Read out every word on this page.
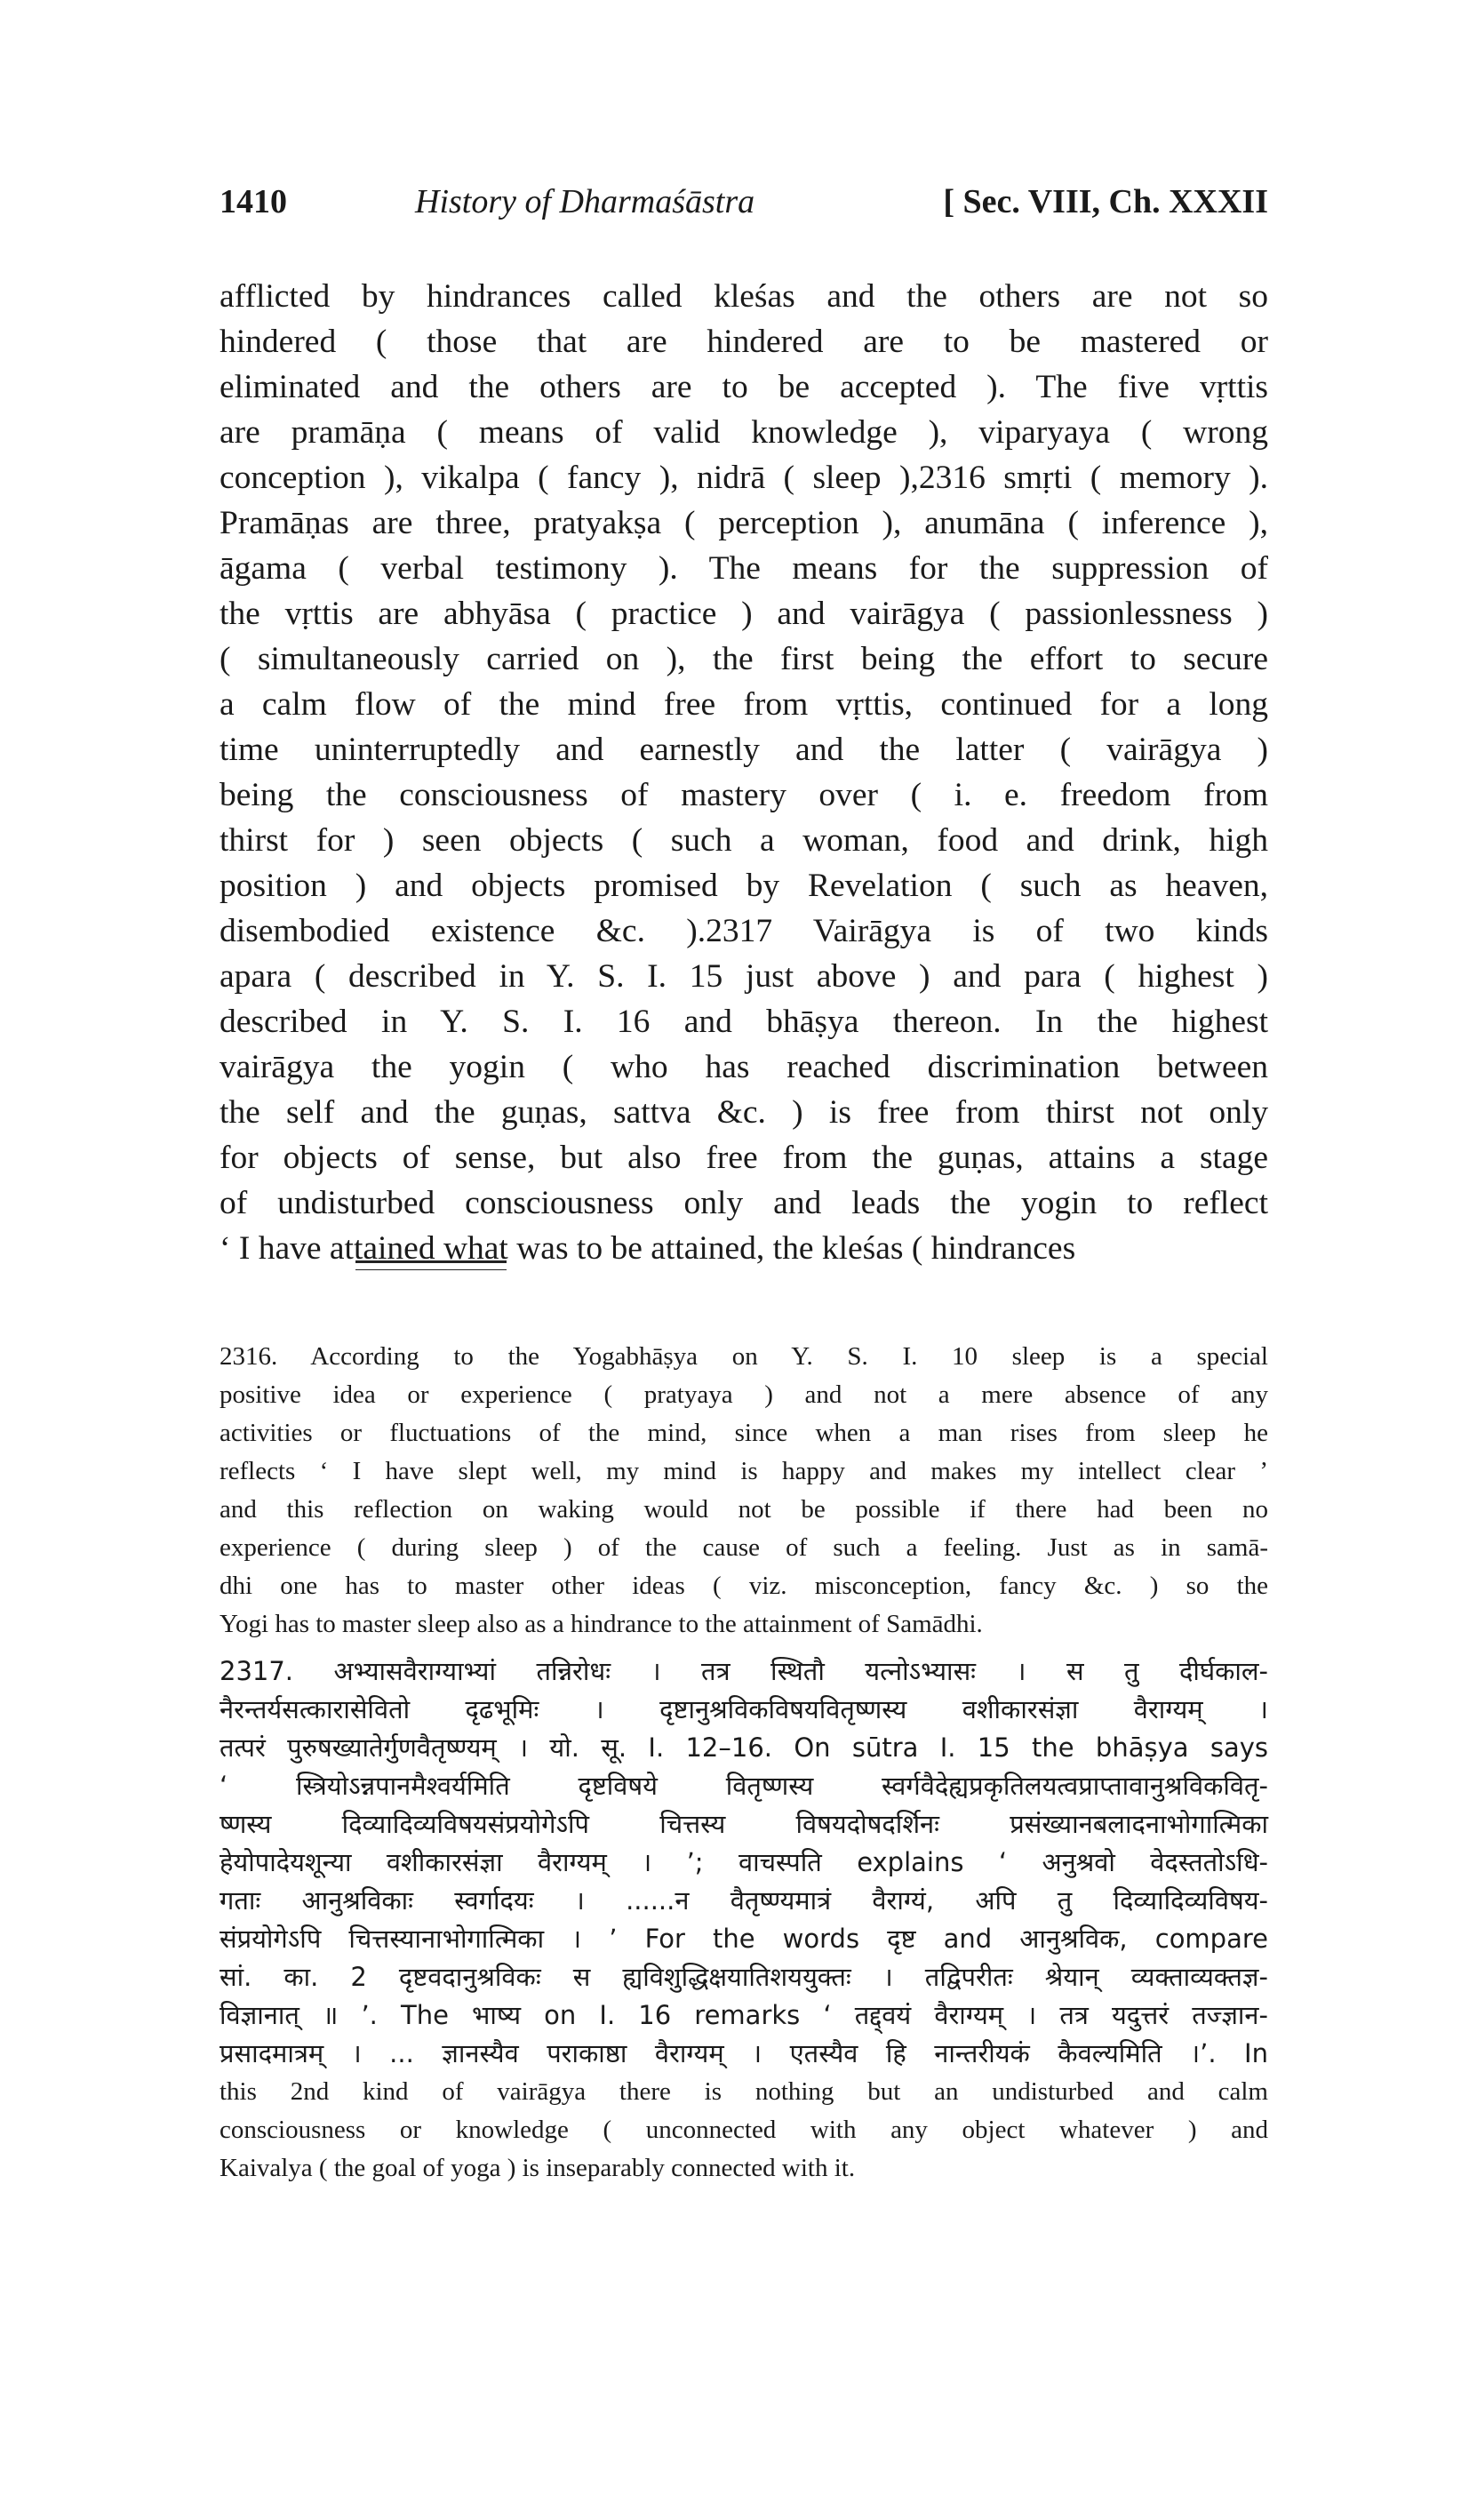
1410	History of Dharmaśāstra	[ Sec. VIII, Ch. XXXII
afflicted by hindrances called kleśas and the others are not so
hindered ( those that are hindered are to be mastered or
eliminated and the others are to be accepted ). The five vṛttis
are pramāṇa ( means of valid knowledge ), viparyaya ( wrong
conception ), vikalpa ( fancy ), nidrā ( sleep ),2316 smṛti ( memory ).
Pramāṇas are three, pratyakṣa ( perception ), anumāna ( inference ),
āgama ( verbal testimony ). The means for the suppression of
the vṛttis are abhyāsa ( practice ) and vairāgya ( passionlessness )
( simultaneously carried on ), the first being the effort to secure
a calm flow of the mind free from vṛttis, continued for a long
time uninterruptedly and earnestly and the latter ( vairāgya )
being the consciousness of mastery over ( i. e. freedom from
thirst for ) seen objects ( such a woman, food and drink, high
position ) and objects promised by Revelation ( such as heaven,
disembodied existence &c. ).2317 Vairāgya is of two kinds
apara ( described in Y. S. I. 15 just above ) and para ( highest )
described in Y. S. I. 16 and bhāṣya thereon. In the highest
vairāgya the yogin ( who has reached discrimination between
the self and the guṇas, sattva &c. ) is free from thirst not only
for objects of sense, but also free from the guṇas, attains a stage
of undisturbed consciousness only and leads the yogin to reflect
‘ I have attained what was to be attained, the kleśas ( hindrances
2316. According to the Yogabhāṣya on Y. S. I. 10 sleep is a special
positive idea or experience ( pratyaya ) and not a mere absence of any
activities or fluctuations of the mind, since when a man rises from sleep he
reflects ‘ I have slept well, my mind is happy and makes my intellect clear ’
and this reflection on waking would not be possible if there had been no
experience ( during sleep ) of the cause of such a feeling. Just as in samā-
dhi one has to master other ideas ( viz. misconception, fancy &c. ) so the
Yogi has to master sleep also as a hindrance to the attainment of Samādhi.
2317. अभ्यासवैराग्याभ्यां तन्निरोधः । तत्र स्थितौ यत्नोऽभ्यासः । स तु दीर्घकाल-
नैरन्तर्यसत्कारासेवितो दृढभूमिः । दृष्टानुश्रविकविषयवितृष्णस्य वशीकारसंज्ञा वैराग्यम् ।
तत्परं पुरुषख्यातेर्गुणवैतृष्ण्यम् । यो. सू. I. 12–16. On sūtra I. 15 the bhāṣya says
‘ स्त्रियोऽन्नपानमैश्वर्यमिति दृष्टविषये वितृष्णस्य स्वर्गवैदेह्यप्रकृतिलयत्वप्राप्तावानुश्रविकवितृ-
ष्णस्य दिव्यादिव्यविषयसंप्रयोगेऽपि चित्तस्य विषयदोषदर्शिनः प्रसंख्यानबलादनाभोगात्मिका
हेयोपादेयशून्या वशीकारसंज्ञा वैराग्यम् । ’; वाचस्पति explains ‘ अनुश्रवो वेदस्ततोऽधि-
गताः आनुश्रविकाः स्वर्गादयः । ......न वैतृष्ण्यमात्रं वैराग्यं, अपि तु दिव्यादिव्यविषय-
संप्रयोगेऽपि चित्तस्यानाभोगात्मिका । ’ For the words दृष्ट and आनुश्रविक, compare
सां. का. 2 दृष्टवदानुश्रविकः स ह्यविशुद्धिक्षयातिशययुक्तः । तद्विपरीतः श्रेयान् व्यक्ताव्यक्तज्ञ-
विज्ञानात् ॥ ’. The भाष्य on I. 16 remarks ‘ तद्द्वयं वैराग्यम् । तत्र यदुत्तरं तज्ज्ञान-
प्रसादमात्रम् । ... ज्ञानस्यैव पराकाष्ठा वैराग्यम् । एतस्यैव हि नान्तरीयकं कैवल्यमिति ।’. In
this 2nd kind of vairāgya there is nothing but an undisturbed and calm
consciousness or knowledge ( unconnected with any object whatever ) and
Kaivalya ( the goal of yoga ) is inseparably connected with it.
